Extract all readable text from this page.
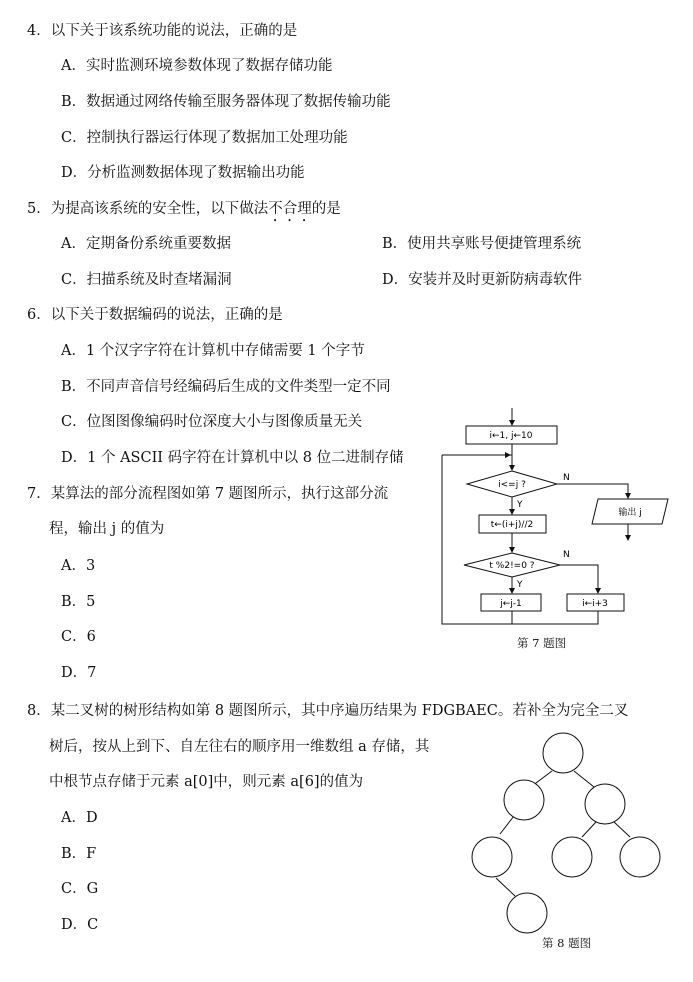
4．以下关于该系统功能的说法，正确的是
A．实时监测环境参数体现了数据存储功能
B．数据通过网络传输至服务器体现了数据传输功能
C．控制执行器运行体现了数据加工处理功能
D．分析监测数据体现了数据输出功能
5．为提高该系统的安全性，以下做法不合理的是
A．定期备份系统重要数据	B．使用共享账号便捷管理系统
C．扫描系统及时查堵漏洞	D．安装并及时更新防病毒软件
6．以下关于数据编码的说法，正确的是
A．1 个汉字字符在计算机中存储需要 1 个字节
B．不同声音信号经编码后生成的文件类型一定不同
C．位图图像编码时位深度大小与图像质量无关
D．1 个 ASCII 码字符在计算机中以 8 位二进制存储
7．某算法的部分流程图如第 7 题图所示，执行这部分流
程，输出 j 的值为
A．3
B．5
C．6
D．7
i←1, j←10
i<=j ?
N
Y
输出 j
t←(i+j)//2
t %2!=0 ?
N
Y
j←j-1	i←i+3
第 7 题图
8．某二叉树的树形结构如第 8 题图所示，其中序遍历结果为 FDGBAEC。若补全为完全二叉
树后，按从上到下、自左往右的顺序用一维数组 a 存储，其
中根节点存储于元素 a[0]中，则元素 a[6]的值为
A．D
B．F
C．G
D．C
第 8 题图
